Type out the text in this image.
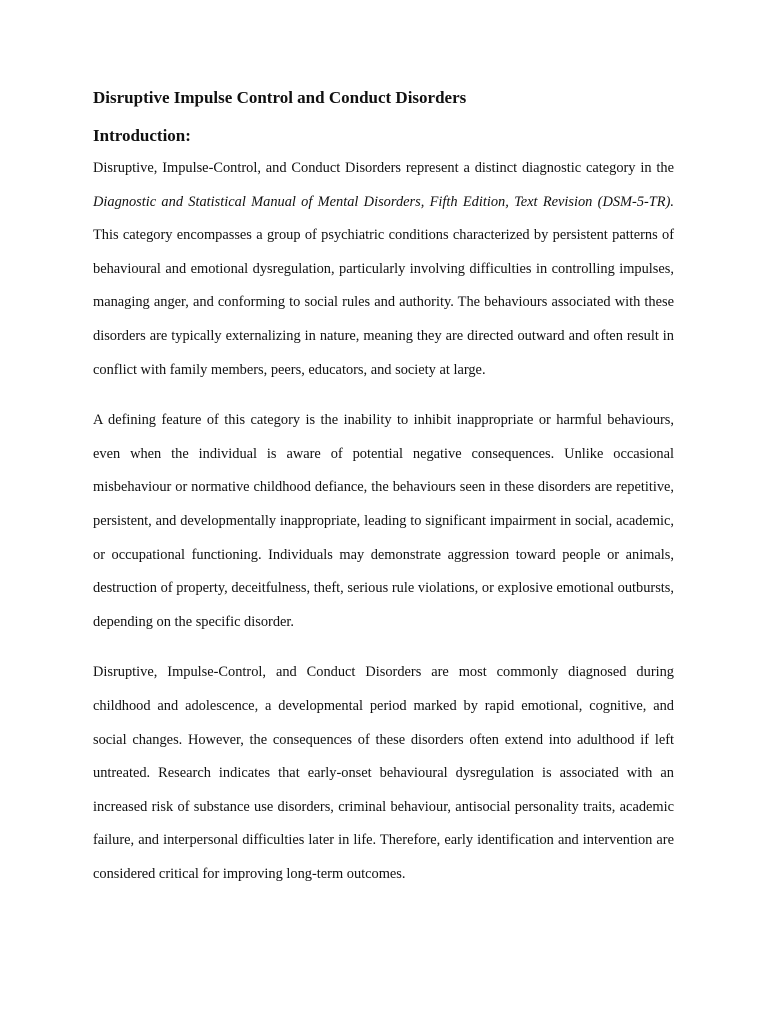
Disruptive Impulse Control and Conduct Disorders
Introduction:

Disruptive, Impulse-Control, and Conduct Disorders represent a distinct diagnostic category in the Diagnostic and Statistical Manual of Mental Disorders, Fifth Edition, Text Revision (DSM-5-TR). This category encompasses a group of psychiatric conditions characterized by persistent patterns of behavioural and emotional dysregulation, particularly involving difficulties in controlling impulses, managing anger, and conforming to social rules and authority. The behaviours associated with these disorders are typically externalizing in nature, meaning they are directed outward and often result in conflict with family members, peers, educators, and society at large.

A defining feature of this category is the inability to inhibit inappropriate or harmful behaviours, even when the individual is aware of potential negative consequences. Unlike occasional misbehaviour or normative childhood defiance, the behaviours seen in these disorders are repetitive, persistent, and developmentally inappropriate, leading to significant impairment in social, academic, or occupational functioning. Individuals may demonstrate aggression toward people or animals, destruction of property, deceitfulness, theft, serious rule violations, or explosive emotional outbursts, depending on the specific disorder.

Disruptive, Impulse-Control, and Conduct Disorders are most commonly diagnosed during childhood and adolescence, a developmental period marked by rapid emotional, cognitive, and social changes. However, the consequences of these disorders often extend into adulthood if left untreated. Research indicates that early-onset behavioural dysregulation is associated with an increased risk of substance use disorders, criminal behaviour, antisocial personality traits, academic failure, and interpersonal difficulties later in life. Therefore, early identification and intervention are considered critical for improving long-term outcomes.
